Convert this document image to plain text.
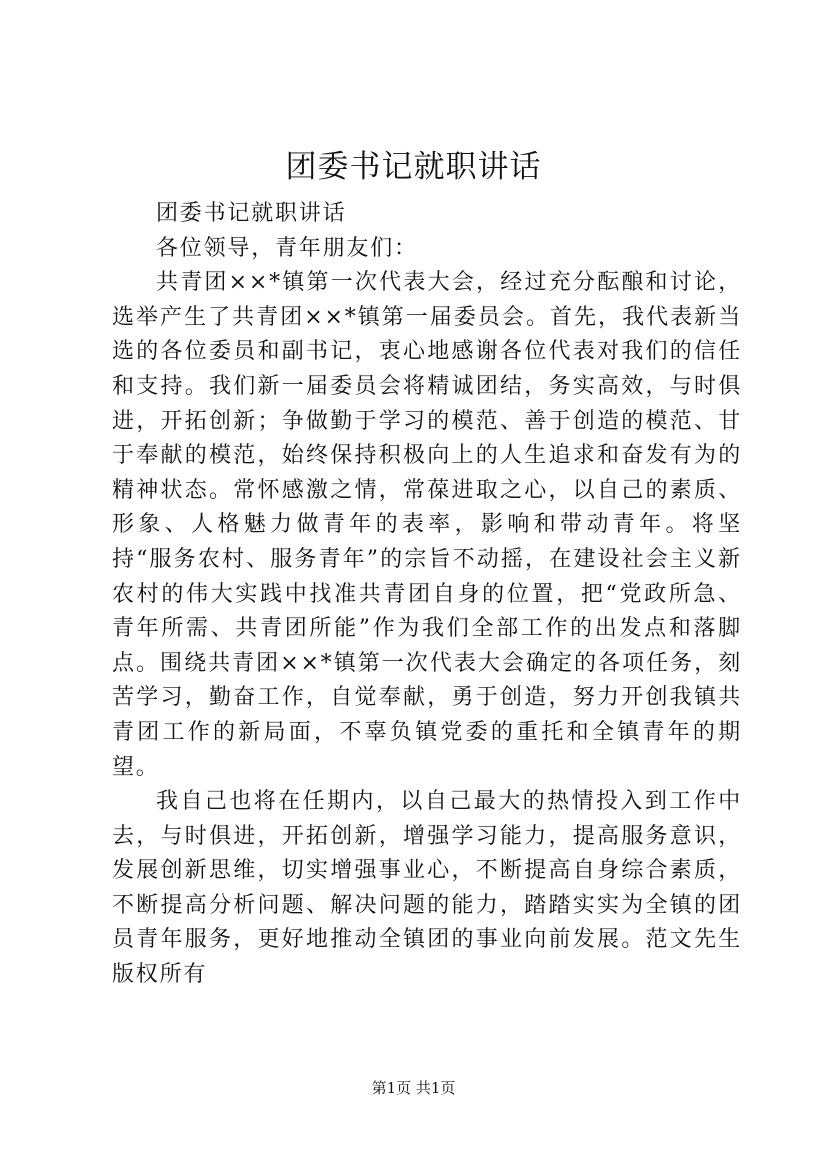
团委书记就职讲话

团委书记就职讲话

各位领导，青年朋友们：

共青团××*镇第一次代表大会，经过充分酝酿和讨论，选举产生了共青团××*镇第一届委员会。首先，我代表新当选的各位委员和副书记，衷心地感谢各位代表对我们的信任和支持。我们新一届委员会将精诚团结，务实高效，与时俱进，开拓创新；争做勤于学习的模范、善于创造的模范、甘于奉献的模范，始终保持积极向上的人生追求和奋发有为的精神状态。常怀感激之情，常葆进取之心，以自己的素质、形象、人格魅力做青年的表率，影响和带动青年。将坚持“服务农村、服务青年”的宗旨不动摇，在建设社会主义新农村的伟大实践中找准共青团自身的位置，把“党政所急、青年所需、共青团所能”作为我们全部工作的出发点和落脚点。围绕共青团××*镇第一次代表大会确定的各项任务，刻苦学习，勤奋工作，自觉奉献，勇于创造，努力开创我镇共青团工作的新局面，不辜负镇党委的重托和全镇青年的期望。

我自己也将在任期内，以自己最大的热情投入到工作中去，与时俱进，开拓创新，增强学习能力，提高服务意识，发展创新思维，切实增强事业心，不断提高自身综合素质，不断提高分析问题、解决问题的能力，踏踏实实为全镇的团员青年服务，更好地推动全镇团的事业向前发展。范文先生版权所有

第1页 共1页
